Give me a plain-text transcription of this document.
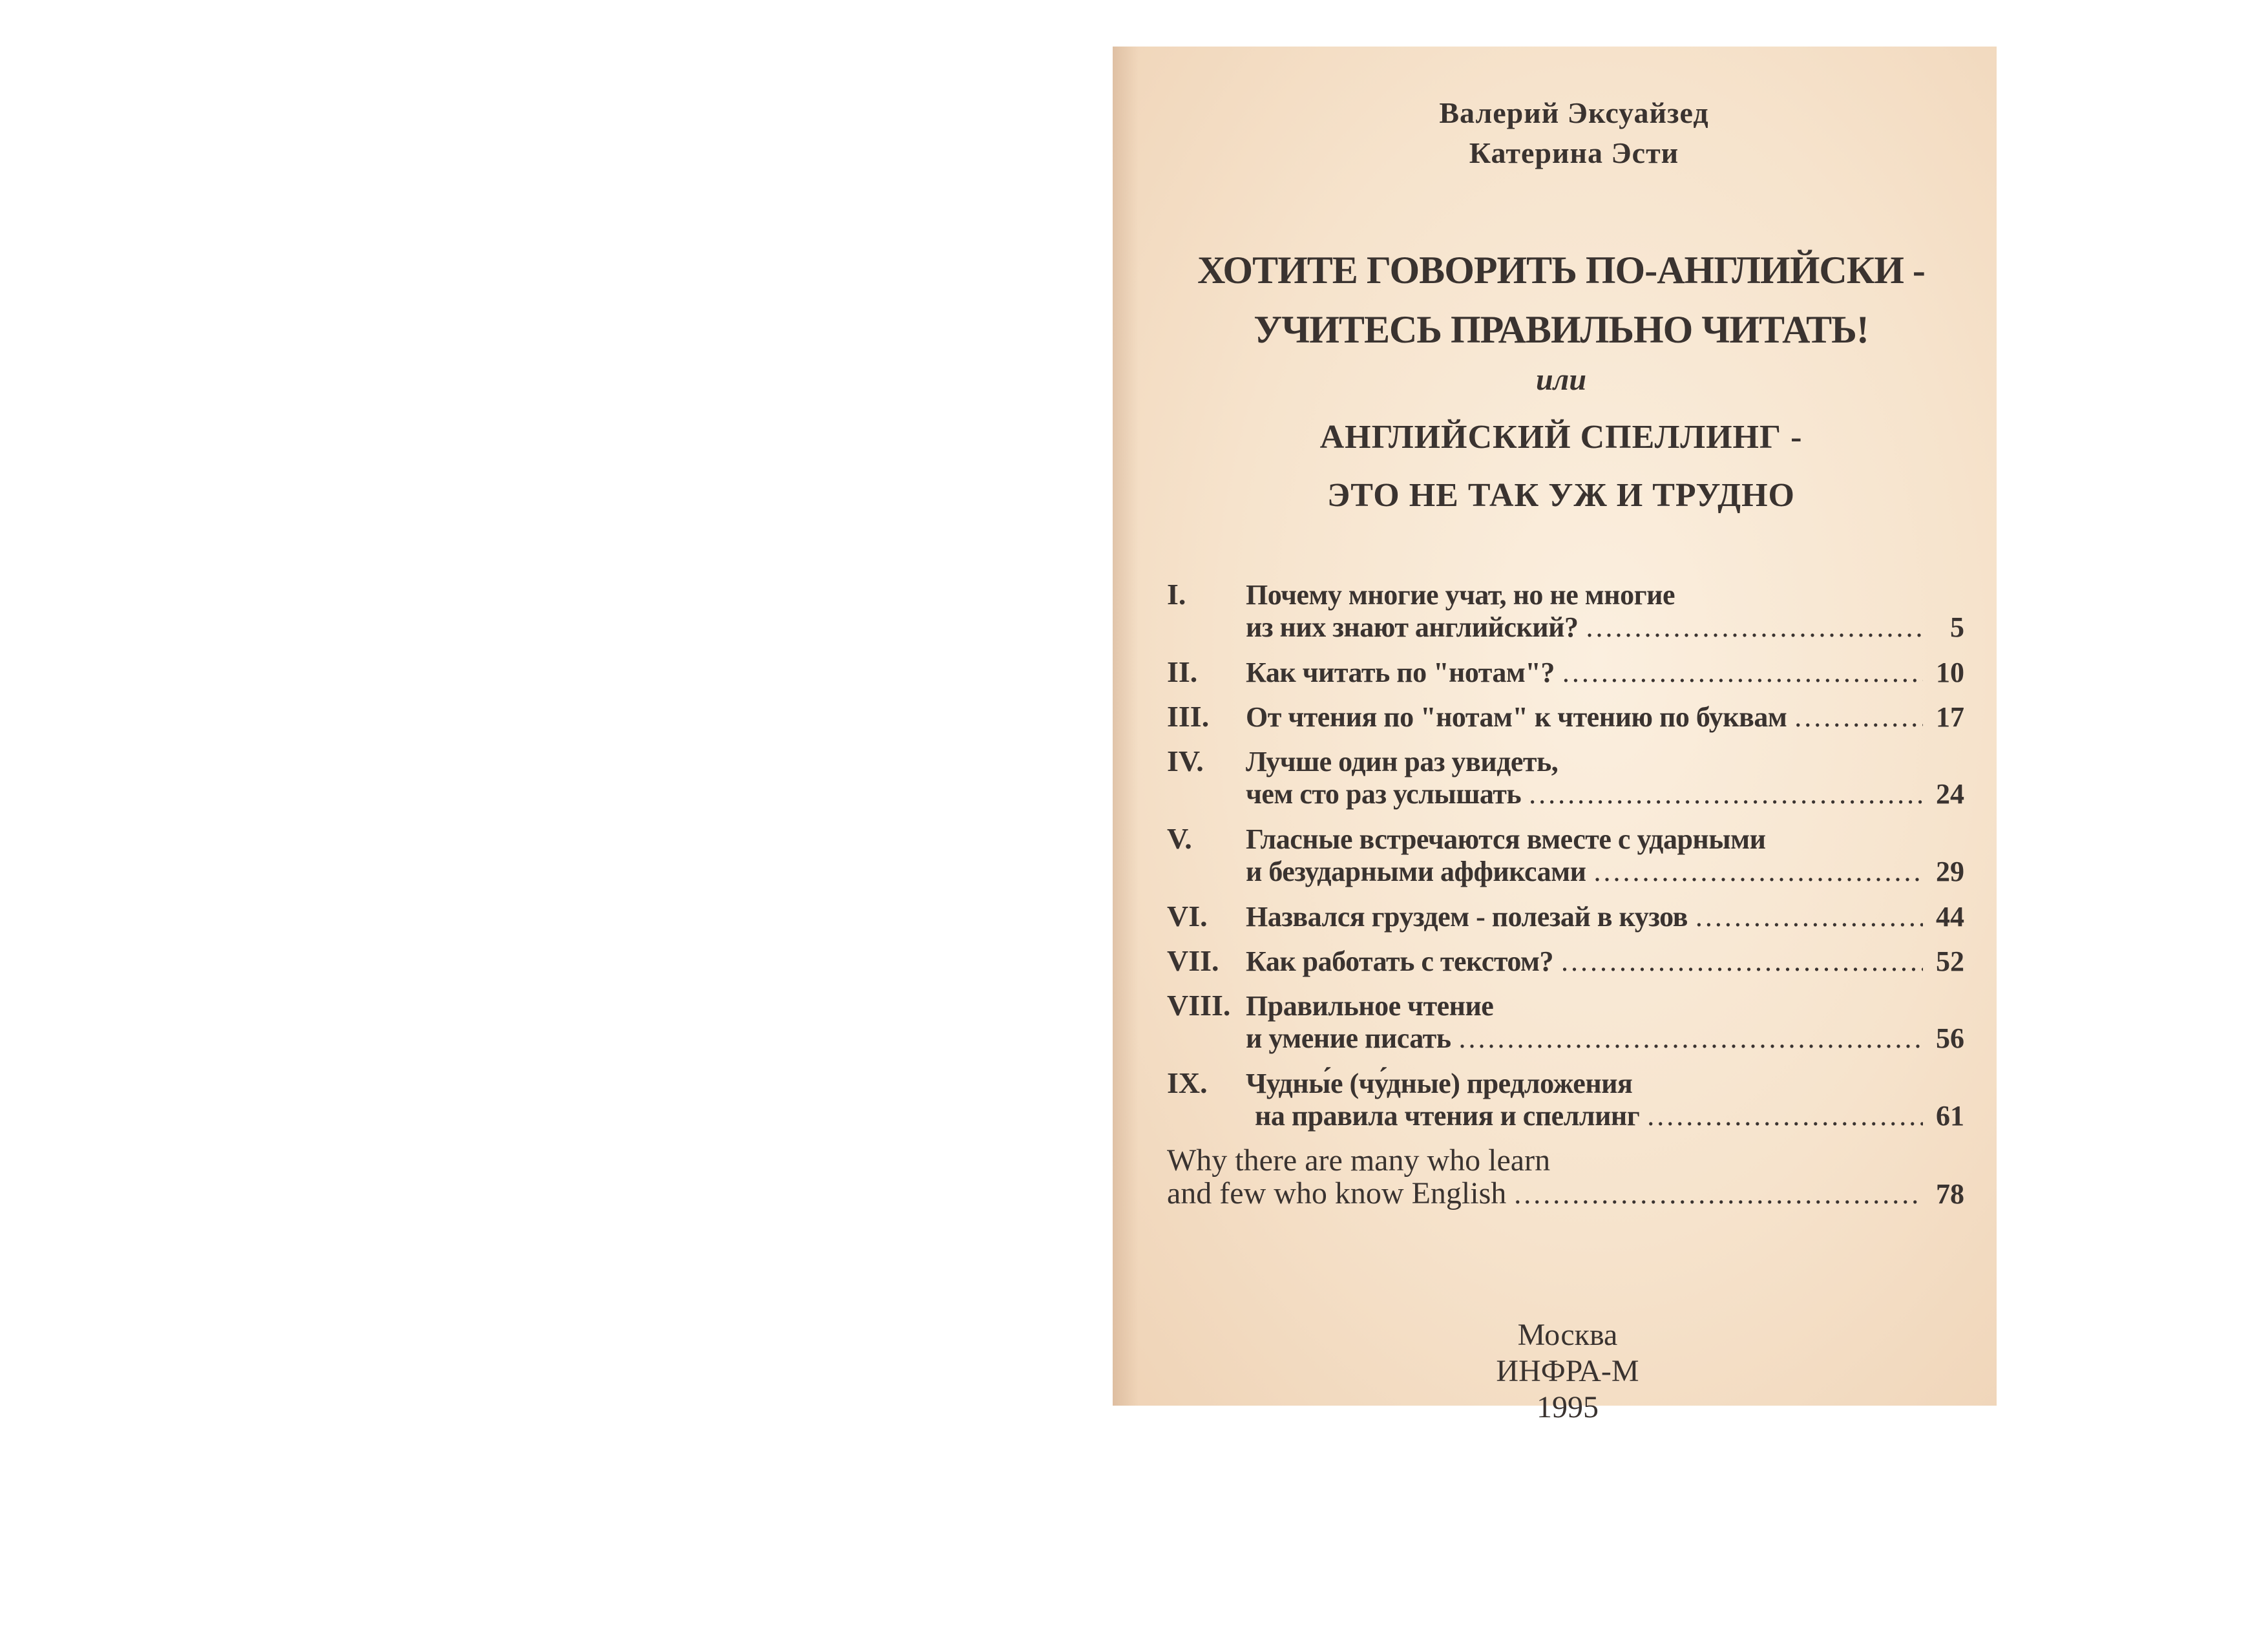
Валерий Эксуайзед
Катерина Эсти
ХОТИТЕ ГОВОРИТЬ ПО-АНГЛИЙСКИ -
УЧИТЕСЬ ПРАВИЛЬНО ЧИТАТЬ!
или
АНГЛИЙСКИЙ СПЕЛЛИНГ -
ЭТО НЕ ТАК УЖ И ТРУДНО
I.	Почему многие учат, но не многие
из них знают английский? .....	5
II.	Как читать по "нотам"? .....	10
III.	От чтения по "нотам" к чтению по буквам .....	17
IV.	Лучше один раз увидеть,
чем сто раз услышать .....	24
V.	Гласные встречаются вместе с ударными
и безударными аффиксами .....	29
VI.	Назвался груздем - полезай в кузов .....	44
VII. Как работать с текстом? .....	52
VIII. Правильное чтение
и умение писать .....	56
IX.	Чудны́е (чу́дные) предложения
на правила чтения и спеллинг .....	61
Why there are many who learn
and few who know English .....	78
Москва
ИНФРА-М
1995
